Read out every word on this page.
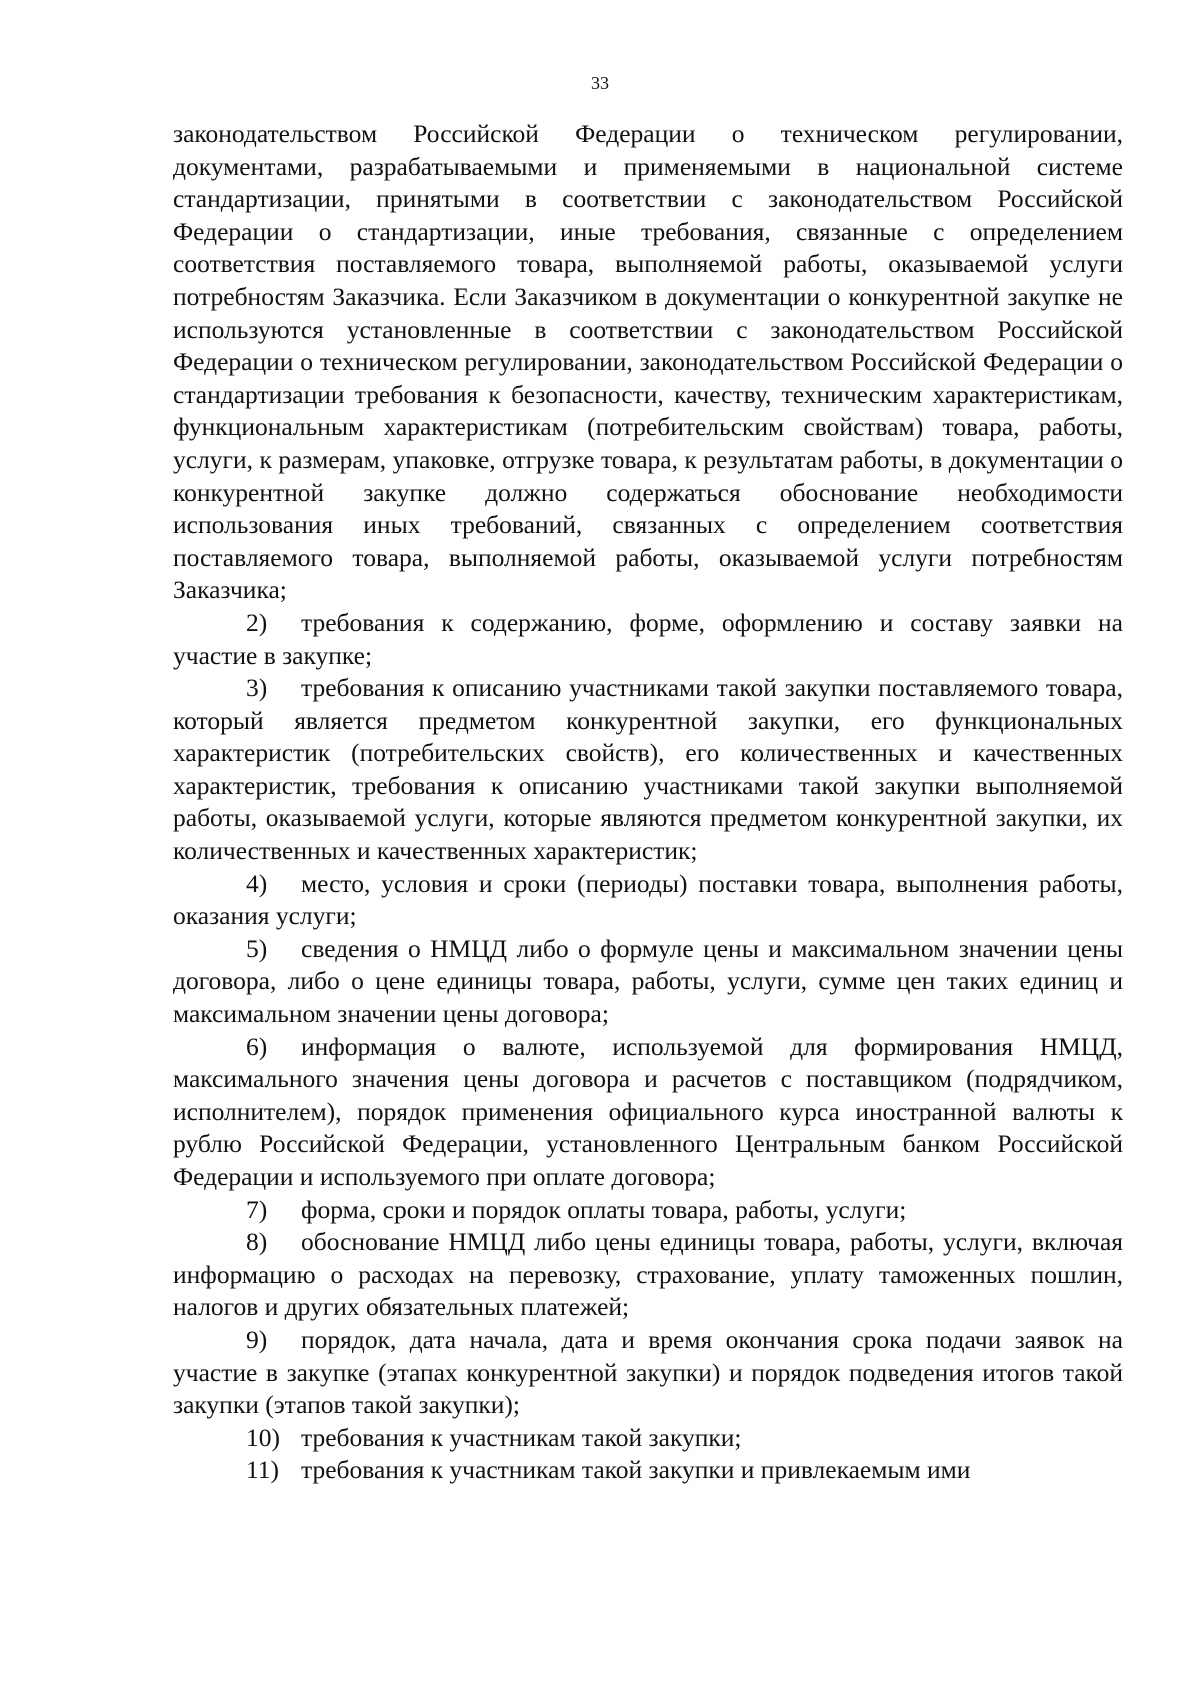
33

законодательством Российской Федерации о техническом регулировании, документами, разрабатываемыми и применяемыми в национальной системе стандартизации, принятыми в соответствии с законодательством Российской Федерации о стандартизации, иные требования, связанные с определением соответствия поставляемого товара, выполняемой работы, оказываемой услуги потребностям Заказчика. Если Заказчиком в документации о конкурентной закупке не используются установленные в соответствии с законодательством Российской Федерации о техническом регулировании, законодательством Российской Федерации о стандартизации требования к безопасности, качеству, техническим характеристикам, функциональным характеристикам (потребительским свойствам) товара, работы, услуги, к размерам, упаковке, отгрузке товара, к результатам работы, в документации о конкурентной закупке должно содержаться обоснование необходимости использования иных требований, связанных с определением соответствия поставляемого товара, выполняемой работы, оказываемой услуги потребностям Заказчика;

2) требования к содержанию, форме, оформлению и составу заявки на участие в закупке;

3) требования к описанию участниками такой закупки поставляемого товара, который является предметом конкурентной закупки, его функциональных характеристик (потребительских свойств), его количественных и качественных характеристик, требования к описанию участниками такой закупки выполняемой работы, оказываемой услуги, которые являются предметом конкурентной закупки, их количественных и качественных характеристик;

4) место, условия и сроки (периоды) поставки товара, выполнения работы, оказания услуги;

5) сведения о НМЦД либо о формуле цены и максимальном значении цены договора, либо о цене единицы товара, работы, услуги, сумме цен таких единиц и максимальном значении цены договора;

6) информация о валюте, используемой для формирования НМЦД, максимального значения цены договора и расчетов с поставщиком (подрядчиком, исполнителем), порядок применения официального курса иностранной валюты к рублю Российской Федерации, установленного Центральным банком Российской Федерации и используемого при оплате договора;

7) форма, сроки и порядок оплаты товара, работы, услуги;

8) обоснование НМЦД либо цены единицы товара, работы, услуги, включая информацию о расходах на перевозку, страхование, уплату таможенных пошлин, налогов и других обязательных платежей;

9) порядок, дата начала, дата и время окончания срока подачи заявок на участие в закупке (этапах конкурентной закупки) и порядок подведения итогов такой закупки (этапов такой закупки);

10) требования к участникам такой закупки;

11) требования к участникам такой закупки и привлекаемым ими
